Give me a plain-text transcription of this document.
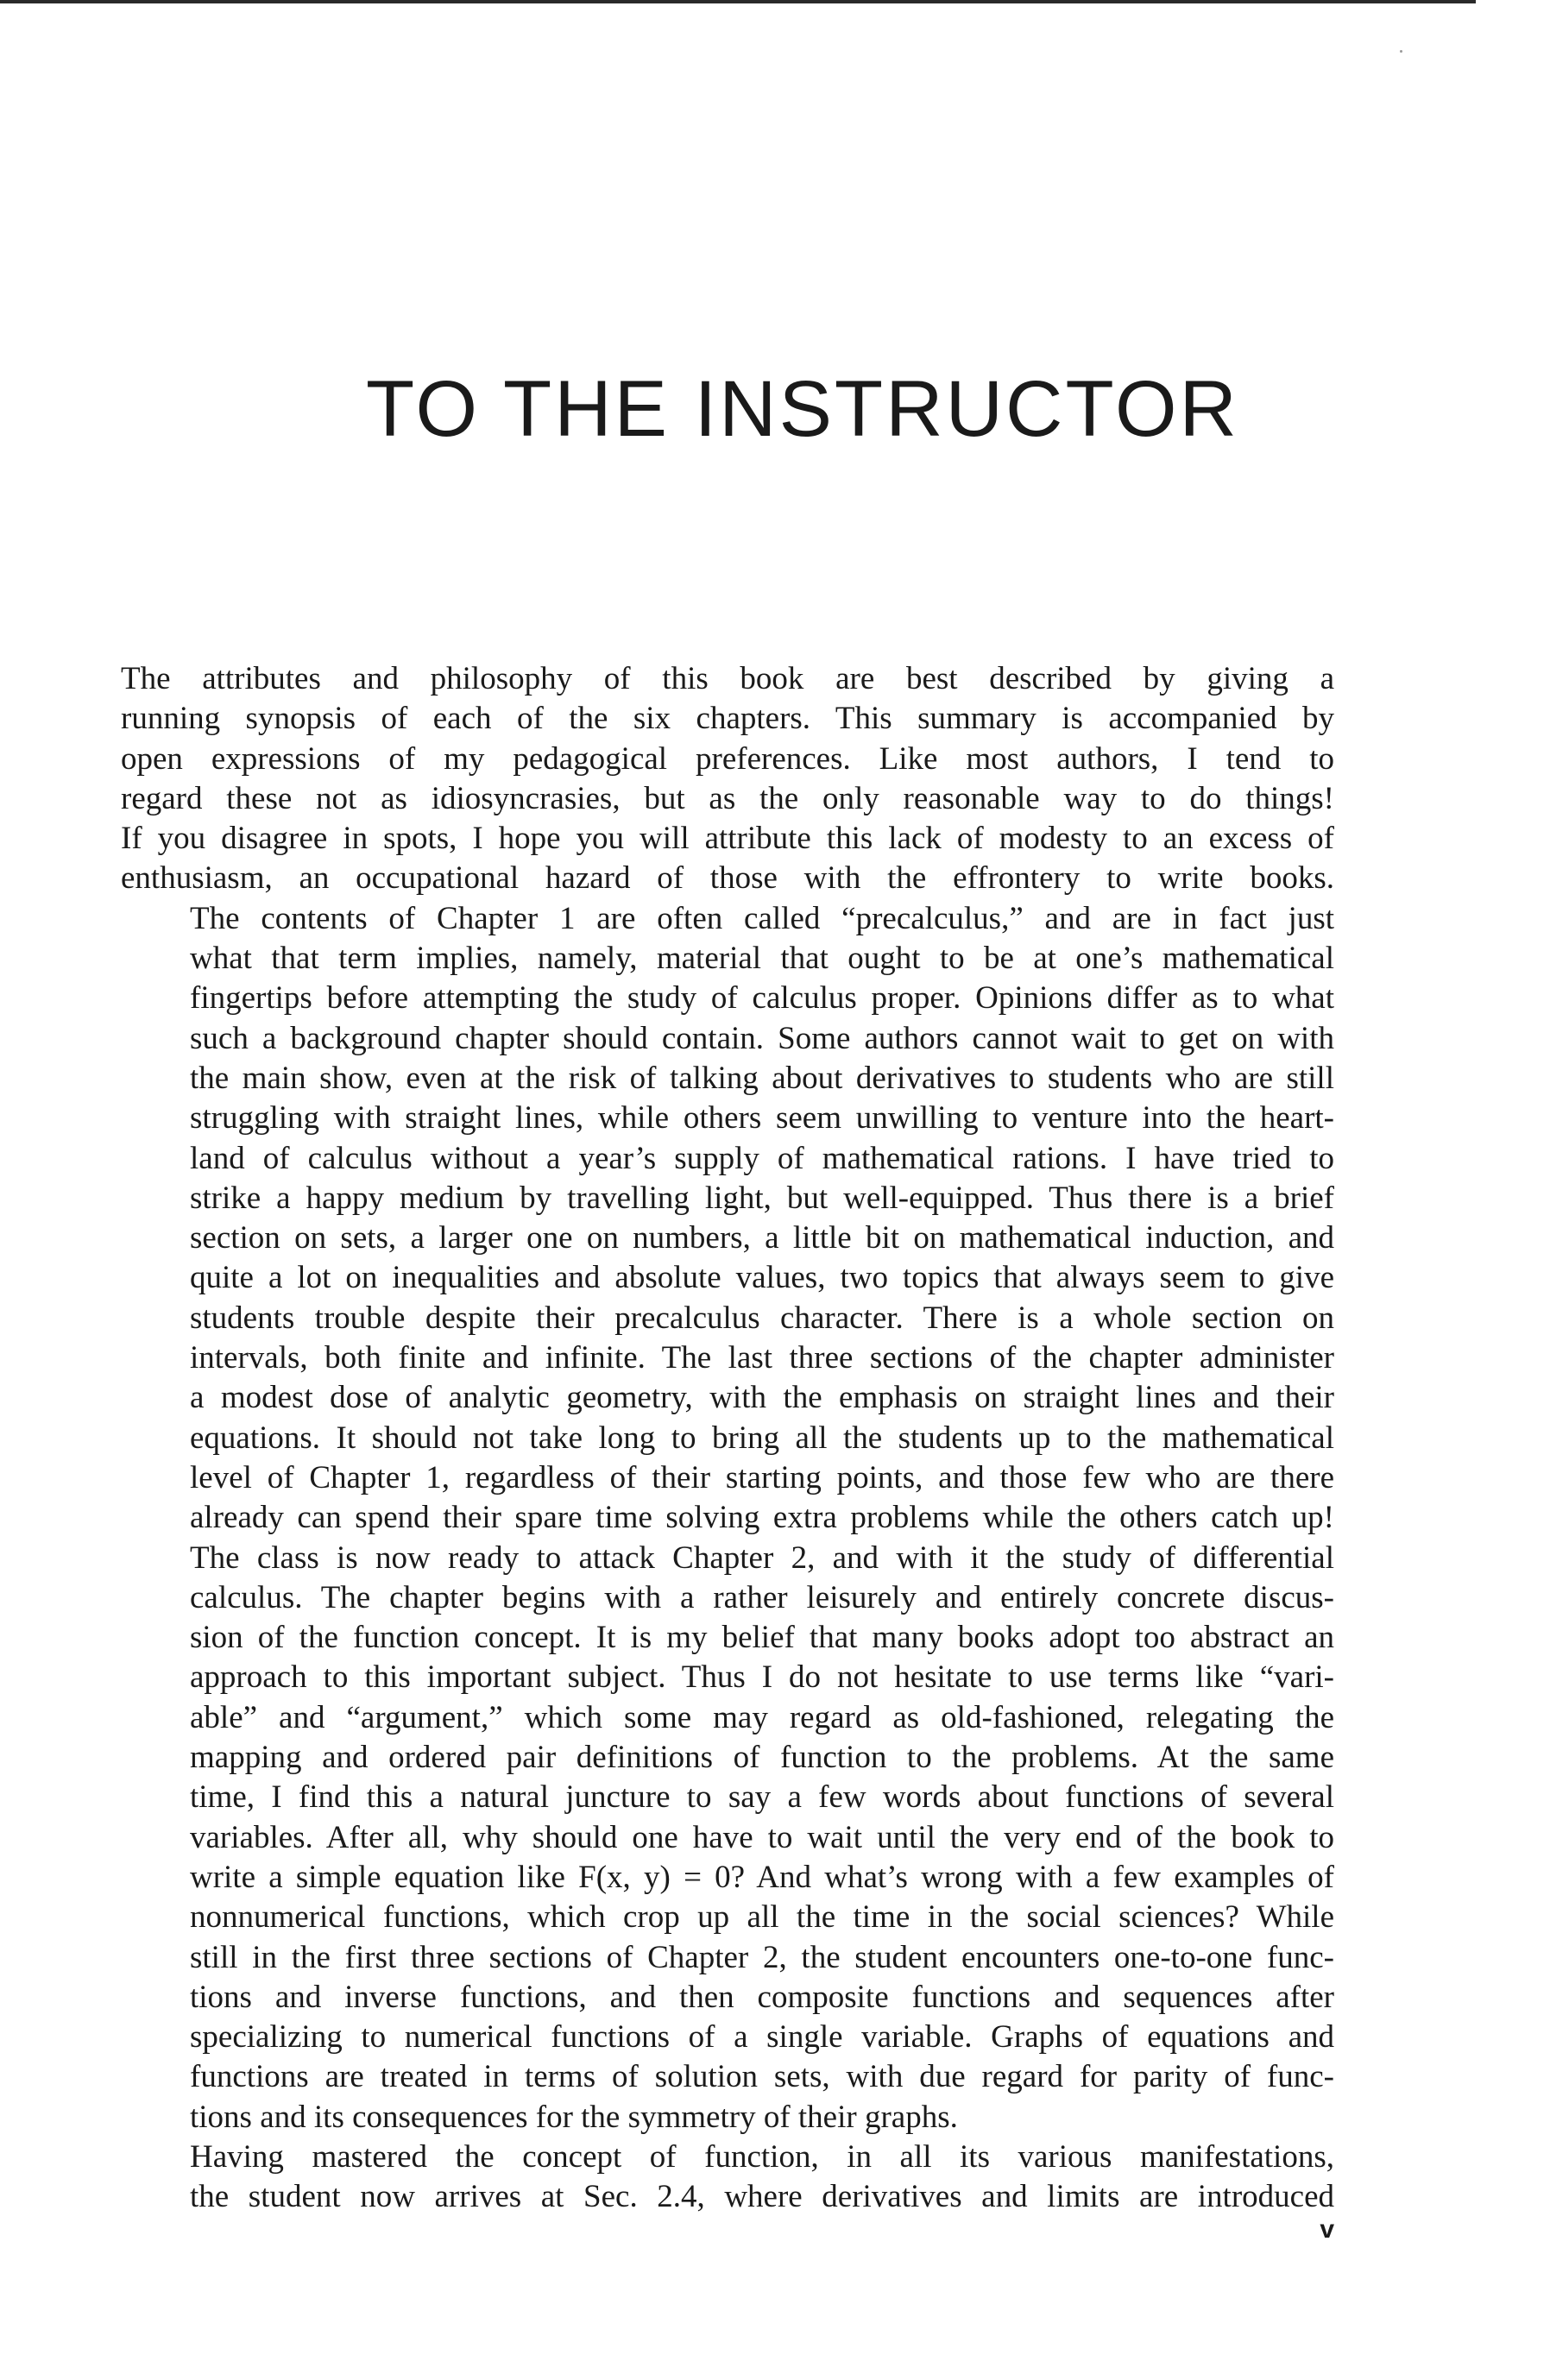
TO THE INSTRUCTOR

The attributes and philosophy of this book are best described by giving a
running synopsis of each of the six chapters. This summary is accompanied by
open expressions of my pedagogical preferences. Like most authors, I tend to
regard these not as idiosyncrasies, but as the only reasonable way to do things!
If you disagree in spots, I hope you will attribute this lack of modesty to an excess of
enthusiasm, an occupational hazard of those with the effrontery to write books.

The contents of Chapter 1 are often called “precalculus,” and are in fact just
what that term implies, namely, material that ought to be at one’s mathematical
fingertips before attempting the study of calculus proper. Opinions differ as to what
such a background chapter should contain. Some authors cannot wait to get on with
the main show, even at the risk of talking about derivatives to students who are still
struggling with straight lines, while others seem unwilling to venture into the heart-
land of calculus without a year’s supply of mathematical rations. I have tried to
strike a happy medium by travelling light, but well-equipped. Thus there is a brief
section on sets, a larger one on numbers, a little bit on mathematical induction, and
quite a lot on inequalities and absolute values, two topics that always seem to give
students trouble despite their precalculus character. There is a whole section on
intervals, both finite and infinite. The last three sections of the chapter administer
a modest dose of analytic geometry, with the emphasis on straight lines and their
equations. It should not take long to bring all the students up to the mathematical
level of Chapter 1, regardless of their starting points, and those few who are there
already can spend their spare time solving extra problems while the others catch up!

The class is now ready to attack Chapter 2, and with it the study of differential
calculus. The chapter begins with a rather leisurely and entirely concrete discus-
sion of the function concept. It is my belief that many books adopt too abstract an
approach to this important subject. Thus I do not hesitate to use terms like “vari-
able” and “argument,” which some may regard as old-fashioned, relegating the
mapping and ordered pair definitions of function to the problems. At the same
time, I find this a natural juncture to say a few words about functions of several
variables. After all, why should one have to wait until the very end of the book to
write a simple equation like F(x, y) = 0? And what’s wrong with a few examples of
nonnumerical functions, which crop up all the time in the social sciences? While
still in the first three sections of Chapter 2, the student encounters one-to-one func-
tions and inverse functions, and then composite functions and sequences after
specializing to numerical functions of a single variable. Graphs of equations and
functions are treated in terms of solution sets, with due regard for parity of func-
tions and its consequences for the symmetry of their graphs.

Having mastered the concept of function, in all its various manifestations,
the student now arrives at Sec. 2.4, where derivatives and limits are introduced

v
